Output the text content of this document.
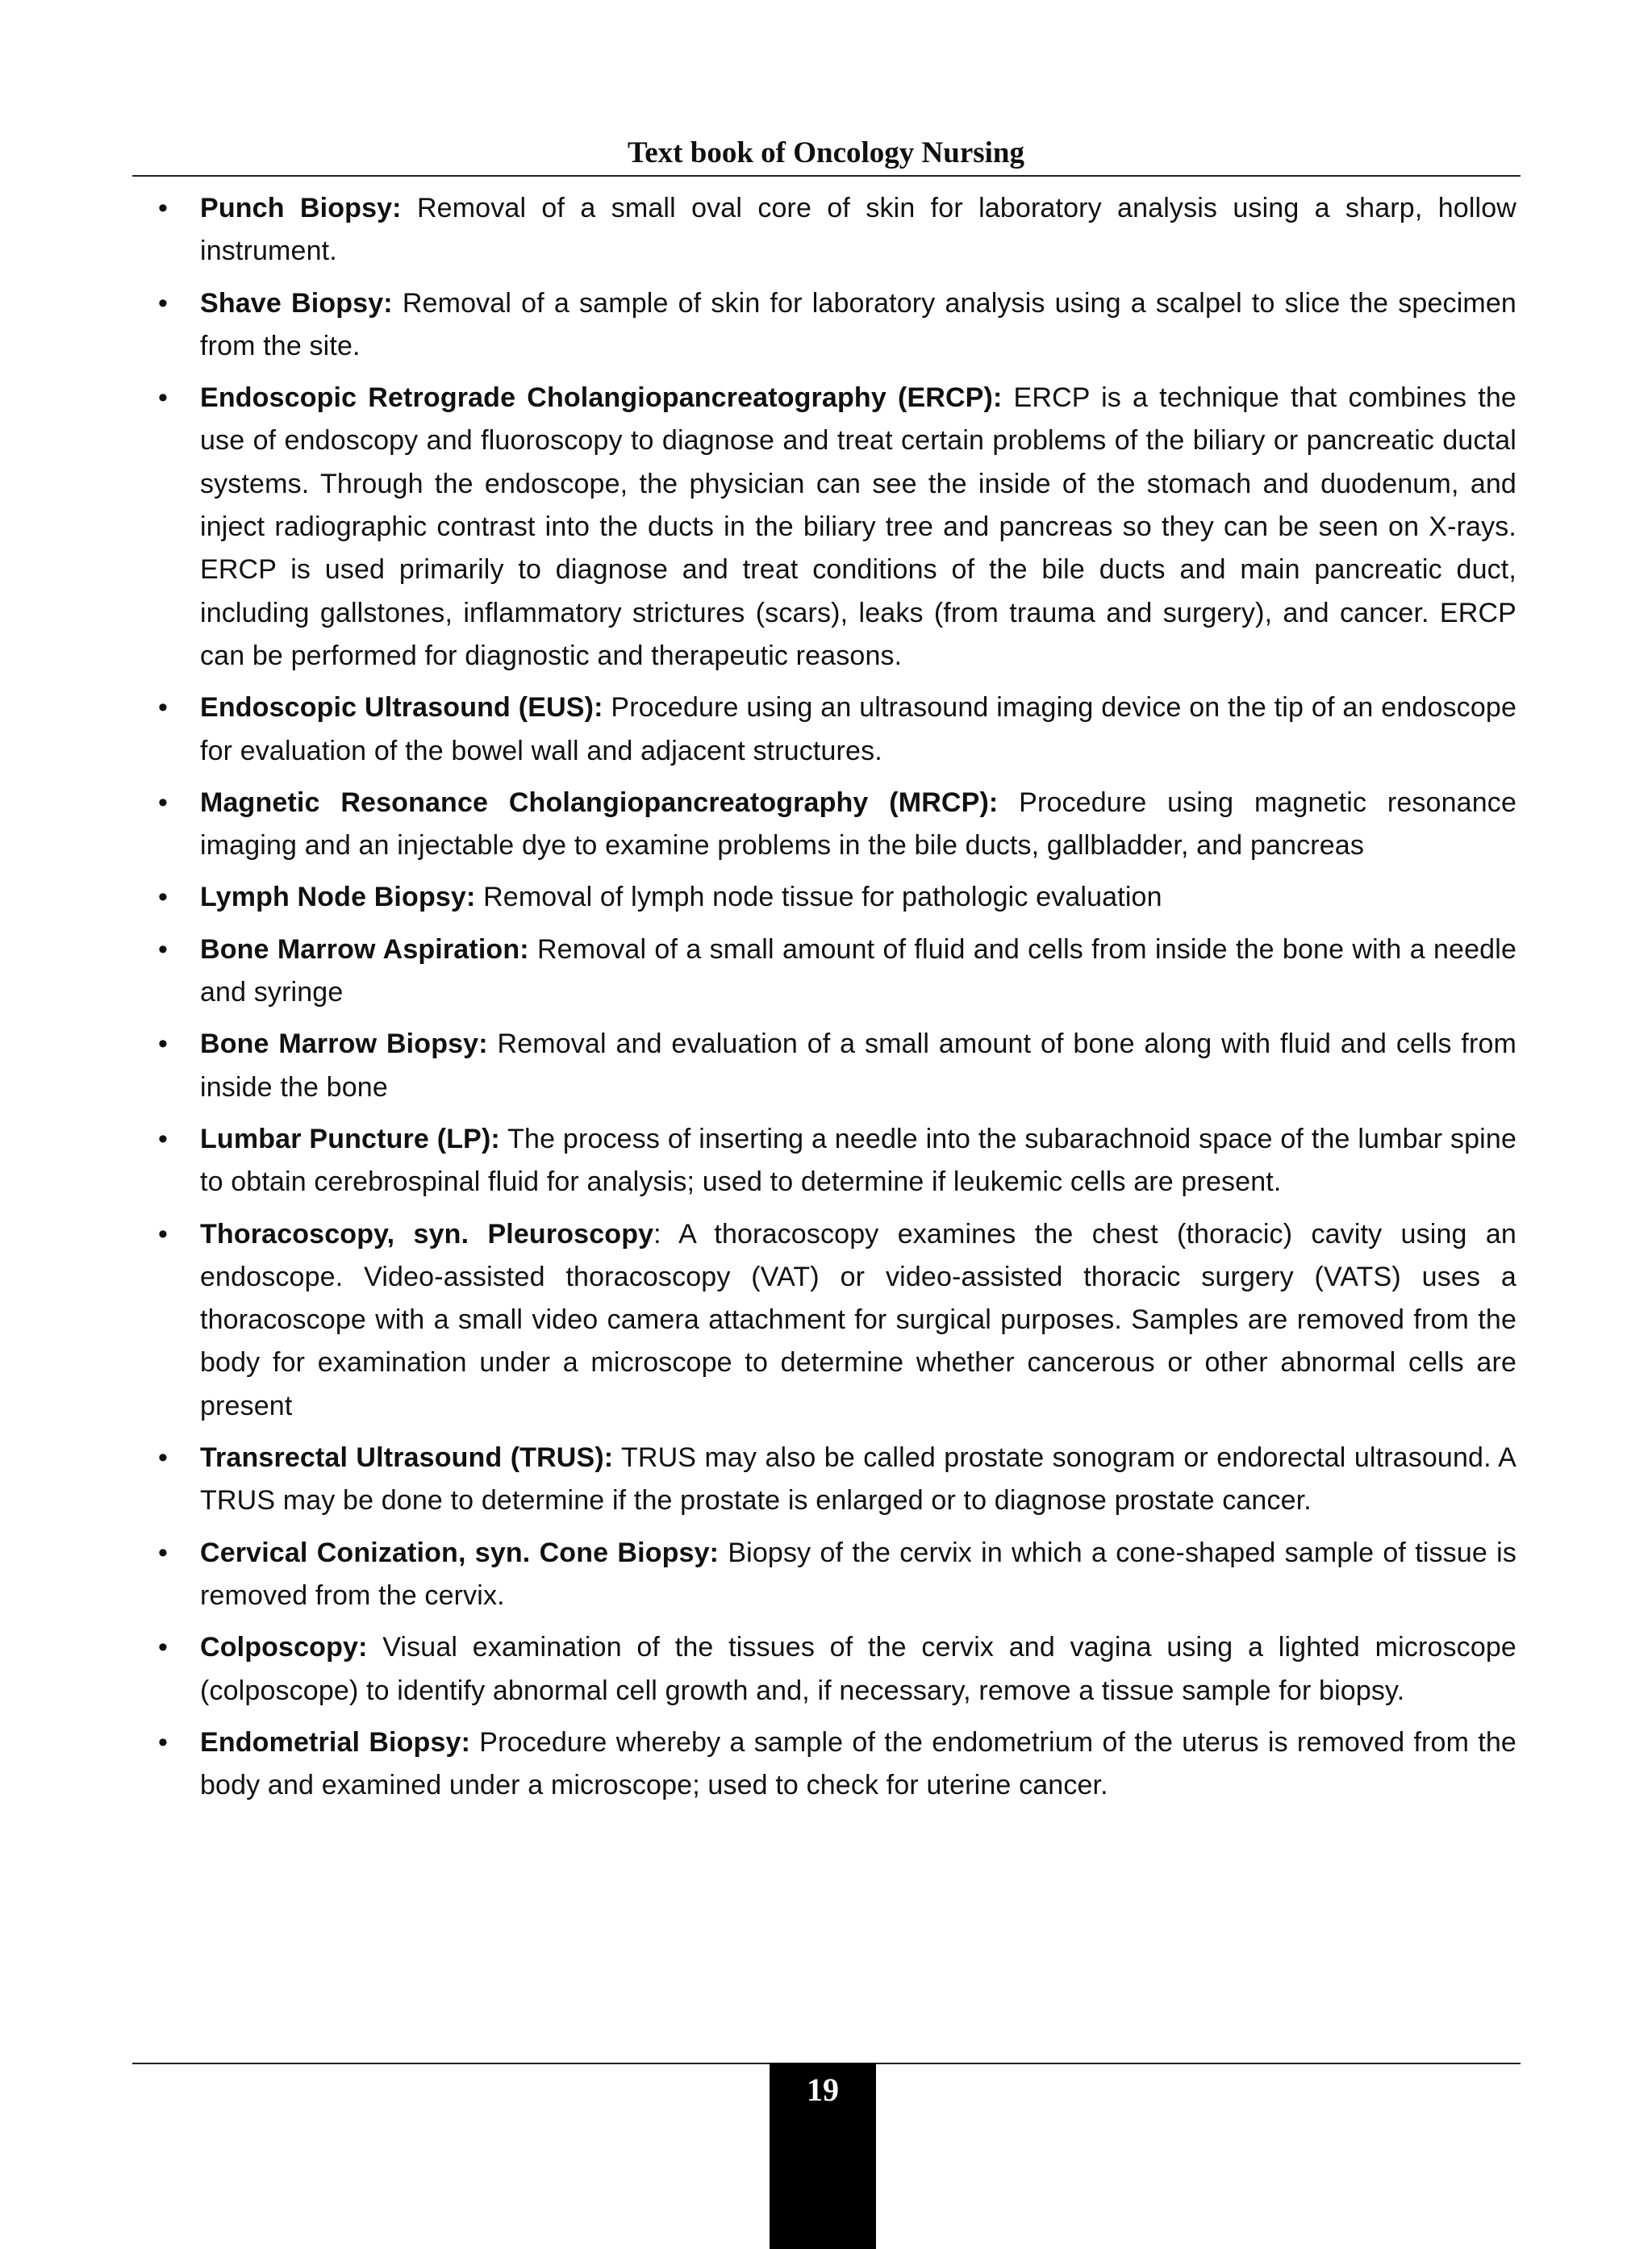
Text book of Oncology Nursing
• Punch Biopsy: Removal of a small oval core of skin for laboratory analysis using a sharp, hollow instrument.
• Shave Biopsy: Removal of a sample of skin for laboratory analysis using a scalpel to slice the specimen from the site.
• Endoscopic Retrograde Cholangiopancreatography (ERCP): ERCP is a technique that combines the use of endoscopy and fluoroscopy to diagnose and treat certain problems of the biliary or pancreatic ductal systems. Through the endoscope, the physician can see the inside of the stomach and duodenum, and inject radiographic contrast into the ducts in the biliary tree and pancreas so they can be seen on X-rays. ERCP is used primarily to diagnose and treat conditions of the bile ducts and main pancreatic duct, including gallstones, inflammatory strictures (scars), leaks (from trauma and surgery), and cancer. ERCP can be performed for diagnostic and therapeutic reasons.
• Endoscopic Ultrasound (EUS): Procedure using an ultrasound imaging device on the tip of an endoscope for evaluation of the bowel wall and adjacent structures.
• Magnetic Resonance Cholangiopancreatography (MRCP): Procedure using magnetic resonance imaging and an injectable dye to examine problems in the bile ducts, gallbladder, and pancreas
• Lymph Node Biopsy: Removal of lymph node tissue for pathologic evaluation
• Bone Marrow Aspiration: Removal of a small amount of fluid and cells from inside the bone with a needle and syringe
• Bone Marrow Biopsy: Removal and evaluation of a small amount of bone along with fluid and cells from inside the bone
• Lumbar Puncture (LP): The process of inserting a needle into the subarachnoid space of the lumbar spine to obtain cerebrospinal fluid for analysis; used to determine if leukemic cells are present.
• Thoracoscopy, syn. Pleuroscopy: A thoracoscopy examines the chest (thoracic) cavity using an endoscope. Video-assisted thoracoscopy (VAT) or video-assisted thoracic surgery (VATS) uses a thoracoscope with a small video camera attachment for surgical purposes. Samples are removed from the body for examination under a microscope to determine whether cancerous or other abnormal cells are present
• Transrectal Ultrasound (TRUS): TRUS may also be called prostate sonogram or endorectal ultrasound. A TRUS may be done to determine if the prostate is enlarged or to diagnose prostate cancer.
• Cervical Conization, syn. Cone Biopsy: Biopsy of the cervix in which a cone-shaped sample of tissue is removed from the cervix.
• Colposcopy: Visual examination of the tissues of the cervix and vagina using a lighted microscope (colposcope) to identify abnormal cell growth and, if necessary, remove a tissue sample for biopsy.
• Endometrial Biopsy: Procedure whereby a sample of the endometrium of the uterus is removed from the body and examined under a microscope; used to check for uterine cancer.
19
